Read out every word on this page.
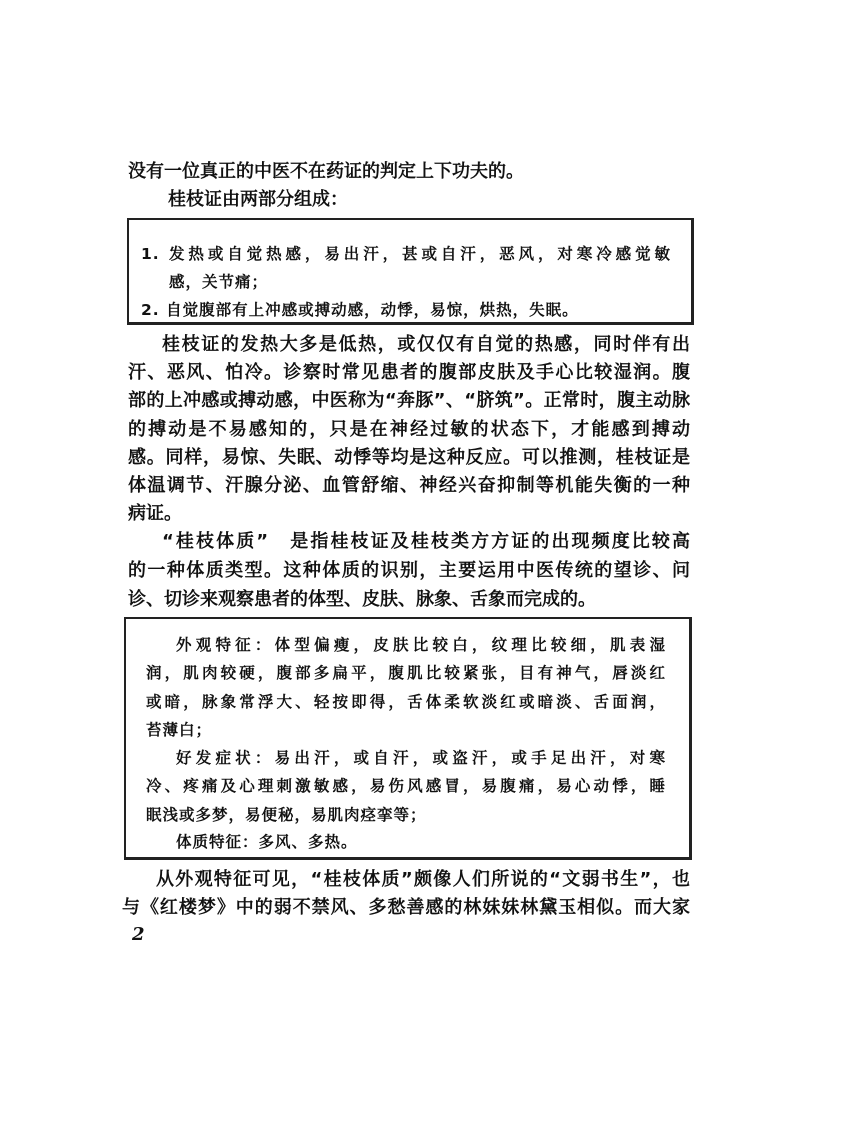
没有一位真正的中医不在药证的判定上下功夫的。
桂枝证由两部分组成：
1. 发热或自觉热感，易出汗，甚或自汗，恶风，对寒冷感觉敏
感，关节痛；
2. 自觉腹部有上冲感或搏动感，动悸，易惊，烘热，失眠。
桂枝证的发热大多是低热，或仅仅有自觉的热感，同时伴有出
汗、恶风、怕冷。诊察时常见患者的腹部皮肤及手心比较湿润。腹
部的上冲感或搏动感，中医称为“奔豚”、“脐筑”。正常时，腹主动脉
的搏动是不易感知的，只是在神经过敏的状态下，才能感到搏动
感。同样，易惊、失眠、动悸等均是这种反应。可以推测，桂枝证是
体温调节、汗腺分泌、血管舒缩、神经兴奋抑制等机能失衡的一种
病证。
“桂枝体质”　是指桂枝证及桂枝类方方证的出现频度比较高
的一种体质类型。这种体质的识别，主要运用中医传统的望诊、问
诊、切诊来观察患者的体型、皮肤、脉象、舌象而完成的。
外观特征：体型偏瘦，皮肤比较白，纹理比较细，肌表湿
润，肌肉较硬，腹部多扁平，腹肌比较紧张，目有神气，唇淡红
或暗，脉象常浮大、轻按即得，舌体柔软淡红或暗淡、舌面润，
苔薄白；
好发症状：易出汗，或自汗，或盗汗，或手足出汗，对寒
冷、疼痛及心理刺激敏感，易伤风感冒，易腹痛，易心动悸，睡
眠浅或多梦，易便秘，易肌肉痉挛等；
体质特征：多风、多热。
从外观特征可见，“桂枝体质”颇像人们所说的“文弱书生”，也
与《红楼梦》中的弱不禁风、多愁善感的林妹妹林黛玉相似。而大家
2
